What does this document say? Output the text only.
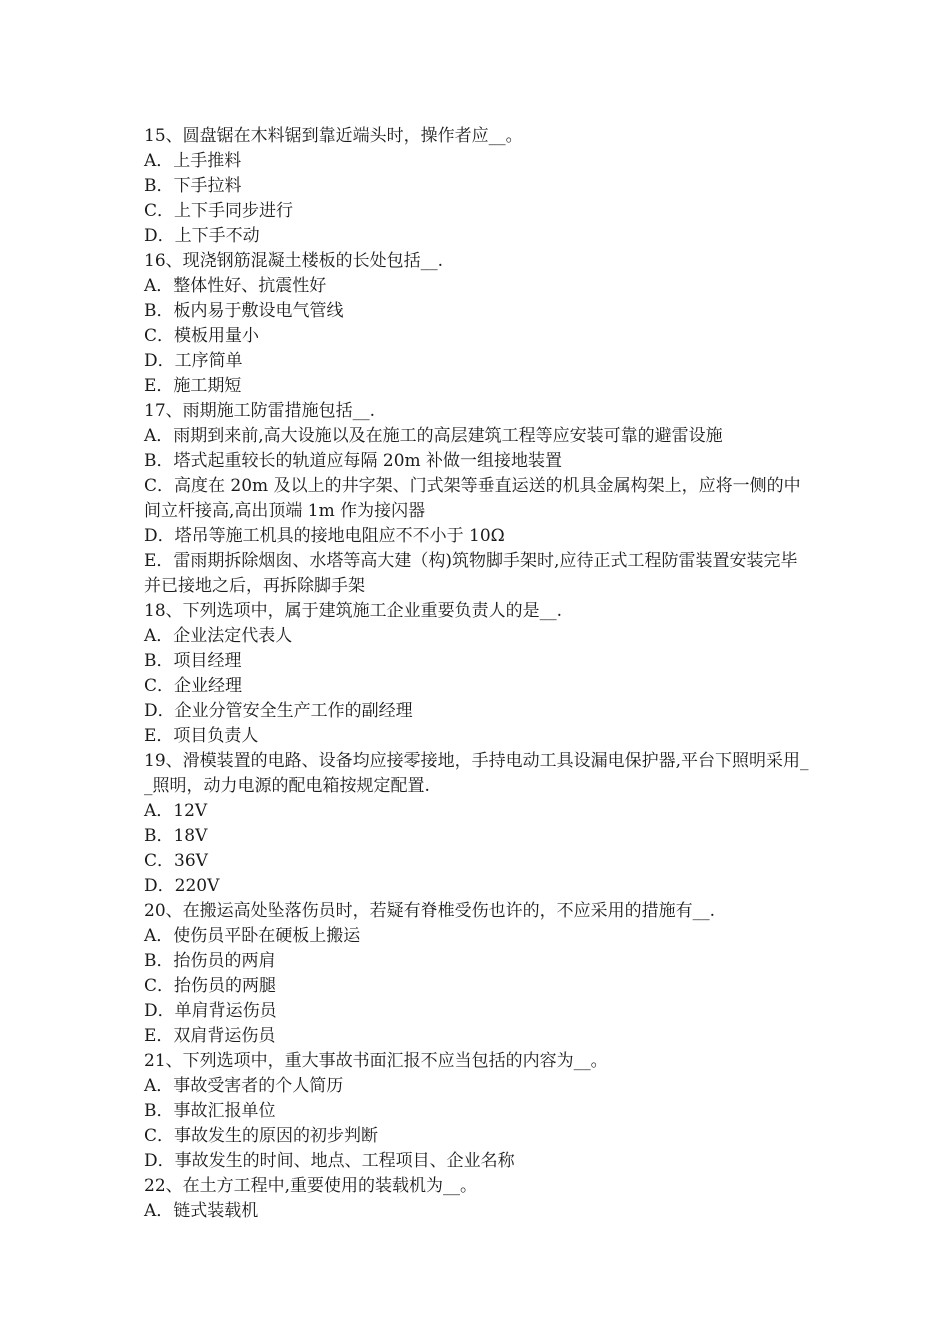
15、圆盘锯在木料锯到靠近端头时，操作者应__。
A．上手推料
B．下手拉料
C．上下手同步进行
D．上下手不动
16、现浇钢筋混凝土楼板的长处包括__.
A．整体性好、抗震性好
B．板内易于敷设电气管线
C．模板用量小
D．工序简单
E．施工期短
17、雨期施工防雷措施包括__.
A．雨期到来前,高大设施以及在施工的高层建筑工程等应安装可靠的避雷设施
B．塔式起重较长的轨道应每隔 20m 补做一组接地装置
C．高度在 20m 及以上的井字架、门式架等垂直运送的机具金属构架上，应将一侧的中间立杆接高,高出顶端 1m 作为接闪器
D．塔吊等施工机具的接地电阻应不不小于 10Ω
E．雷雨期拆除烟囱、水塔等高大建（构)筑物脚手架时,应待正式工程防雷装置安装完毕并已接地之后，再拆除脚手架
18、下列选项中，属于建筑施工企业重要负责人的是__.
A．企业法定代表人
B．项目经理
C．企业经理
D．企业分管安全生产工作的副经理
E．项目负责人
19、滑模装置的电路、设备均应接零接地，手持电动工具设漏电保护器,平台下照明采用__照明，动力电源的配电箱按规定配置.
A．12V
B．18V
C．36V
D．220V
20、在搬运高处坠落伤员时，若疑有脊椎受伤也许的，不应采用的措施有__.
A．使伤员平卧在硬板上搬运
B．抬伤员的两肩
C．抬伤员的两腿
D．单肩背运伤员
E．双肩背运伤员
21、下列选项中，重大事故书面汇报不应当包括的内容为__。
A．事故受害者的个人简历
B．事故汇报单位
C．事故发生的原因的初步判断
D．事故发生的时间、地点、工程项目、企业名称
22、在土方工程中,重要使用的装载机为__。
A．链式装载机
